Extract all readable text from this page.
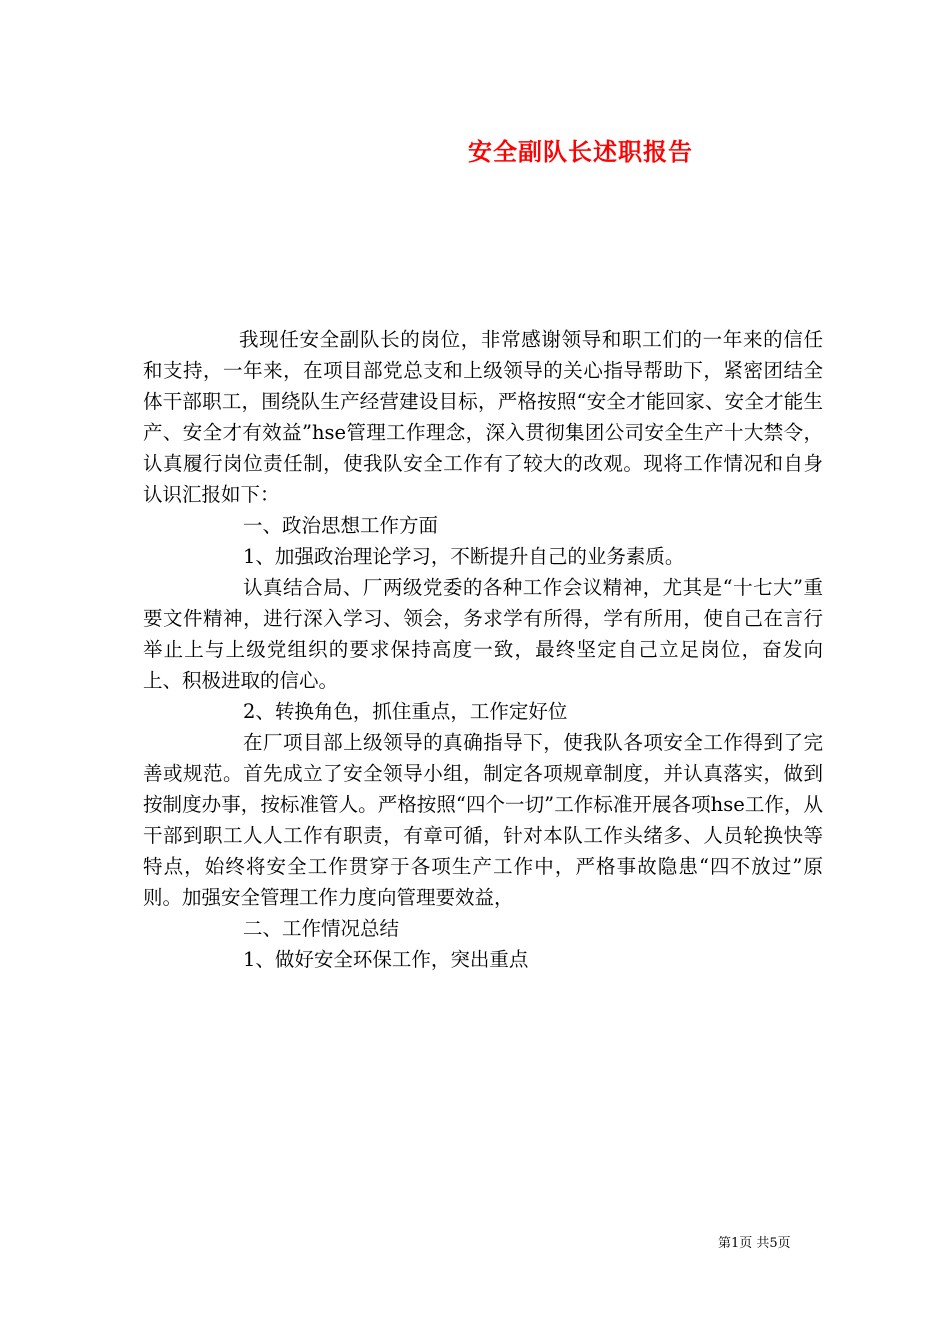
安全副队长述职报告

我现任安全副队长的岗位，非常感谢领导和职工们的一年来的信任和支持，一年来，在项目部党总支和上级领导的关心指导帮助下，紧密团结全体干部职工，围绕队生产经营建设目标，严格按照“安全才能回家、安全才能生产、安全才有效益”hse管理工作理念，深入贯彻集团公司安全生产十大禁令，认真履行岗位责任制，使我队安全工作有了较大的改观。现将工作情况和自身认识汇报如下：

一、政治思想工作方面

1、加强政治理论学习，不断提升自己的业务素质。

认真结合局、厂两级党委的各种工作会议精神，尤其是“十七大”重要文件精神，进行深入学习、领会，务求学有所得，学有所用，使自己在言行举止上与上级党组织的要求保持高度一致，最终坚定自己立足岗位，奋发向上、积极进取的信心。

2、转换角色，抓住重点，工作定好位

在厂项目部上级领导的真确指导下，使我队各项安全工作得到了完善或规范。首先成立了安全领导小组，制定各项规章制度，并认真落实，做到按制度办事，按标准管人。严格按照“四个一切”工作标准开展各项hse工作，从干部到职工人人工作有职责，有章可循，针对本队工作头绪多、人员轮换快等特点，始终将安全工作贯穿于各项生产工作中，严格事故隐患“四不放过”原则。加强安全管理工作力度向管理要效益，

二、工作情况总结

1、做好安全环保工作，突出重点

第1页 共5页
